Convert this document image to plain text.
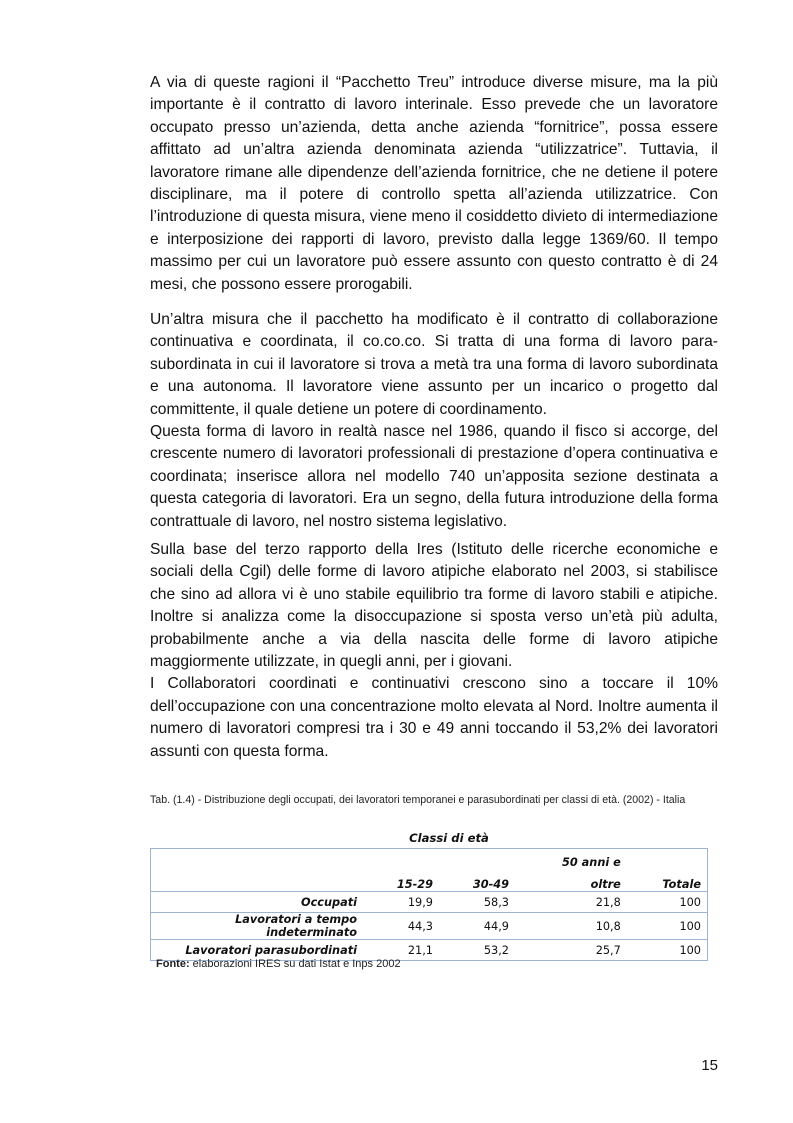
A via di queste ragioni il “Pacchetto Treu” introduce diverse misure, ma la più importante è il contratto di lavoro interinale. Esso prevede che un lavoratore occupato presso un’azienda, detta anche azienda “fornitrice”, possa essere affittato ad un’altra azienda denominata azienda “utilizzatrice”. Tuttavia, il lavoratore rimane alle dipendenze dell’azienda fornitrice, che ne detiene il potere disciplinare, ma il potere di controllo spetta all’azienda utilizzatrice. Con l’introduzione di questa misura, viene meno il cosiddetto divieto di intermediazione e interposizione dei rapporti di lavoro, previsto dalla legge 1369/60. Il tempo massimo per cui un lavoratore può essere assunto con questo contratto è di 24 mesi, che possono essere prorogabili.

Un’altra misura che il pacchetto ha modificato è il contratto di collaborazione continuativa e coordinata, il co.co.co. Si tratta di una forma di lavoro para-subordinata in cui il lavoratore si trova a metà tra una forma di lavoro subordinata e una autonoma. Il lavoratore viene assunto per un incarico o progetto dal committente, il quale detiene un potere di coordinamento.

Questa forma di lavoro in realtà nasce nel 1986, quando il fisco si accorge, del crescente numero di lavoratori professionali di prestazione d’opera continuativa e coordinata; inserisce allora nel modello 740 un’apposita sezione destinata a questa categoria di lavoratori. Era un segno, della futura introduzione della forma contrattuale di lavoro, nel nostro sistema legislativo.

Sulla base del terzo rapporto della Ires (Istituto delle ricerche economiche e sociali della Cgil) delle forme di lavoro atipiche elaborato nel 2003, si stabilisce che sino ad allora vi è uno stabile equilibrio tra forme di lavoro stabili e atipiche. Inoltre si analizza come la disoccupazione si sposta verso un’età più adulta, probabilmente anche a via della nascita delle forme di lavoro atipiche maggiormente utilizzate, in quegli anni, per i giovani.

I Collaboratori coordinati e continuativi crescono sino a toccare il 10% dell’occupazione con una concentrazione molto elevata al Nord. Inoltre aumenta il numero di lavoratori compresi tra i 30 e 49 anni toccando il 53,2% dei lavoratori assunti con questa forma.

Tab. (1.4) - Distribuzione degli occupati, dei lavoratori temporanei e parasubordinati per classi di età. (2002) - Italia
Classi di età
			50 anni e	
	15-29	30-49	oltre	Totale
Occupati	19,9	58,3	21,8	100
Lavoratori a tempo indeterminato	44,3	44,9	10,8	100
Lavoratori parasubordinati	21,1	53,2	25,7	100
Fonte: elaborazioni IRES su dati Istat e Inps 2002
15
